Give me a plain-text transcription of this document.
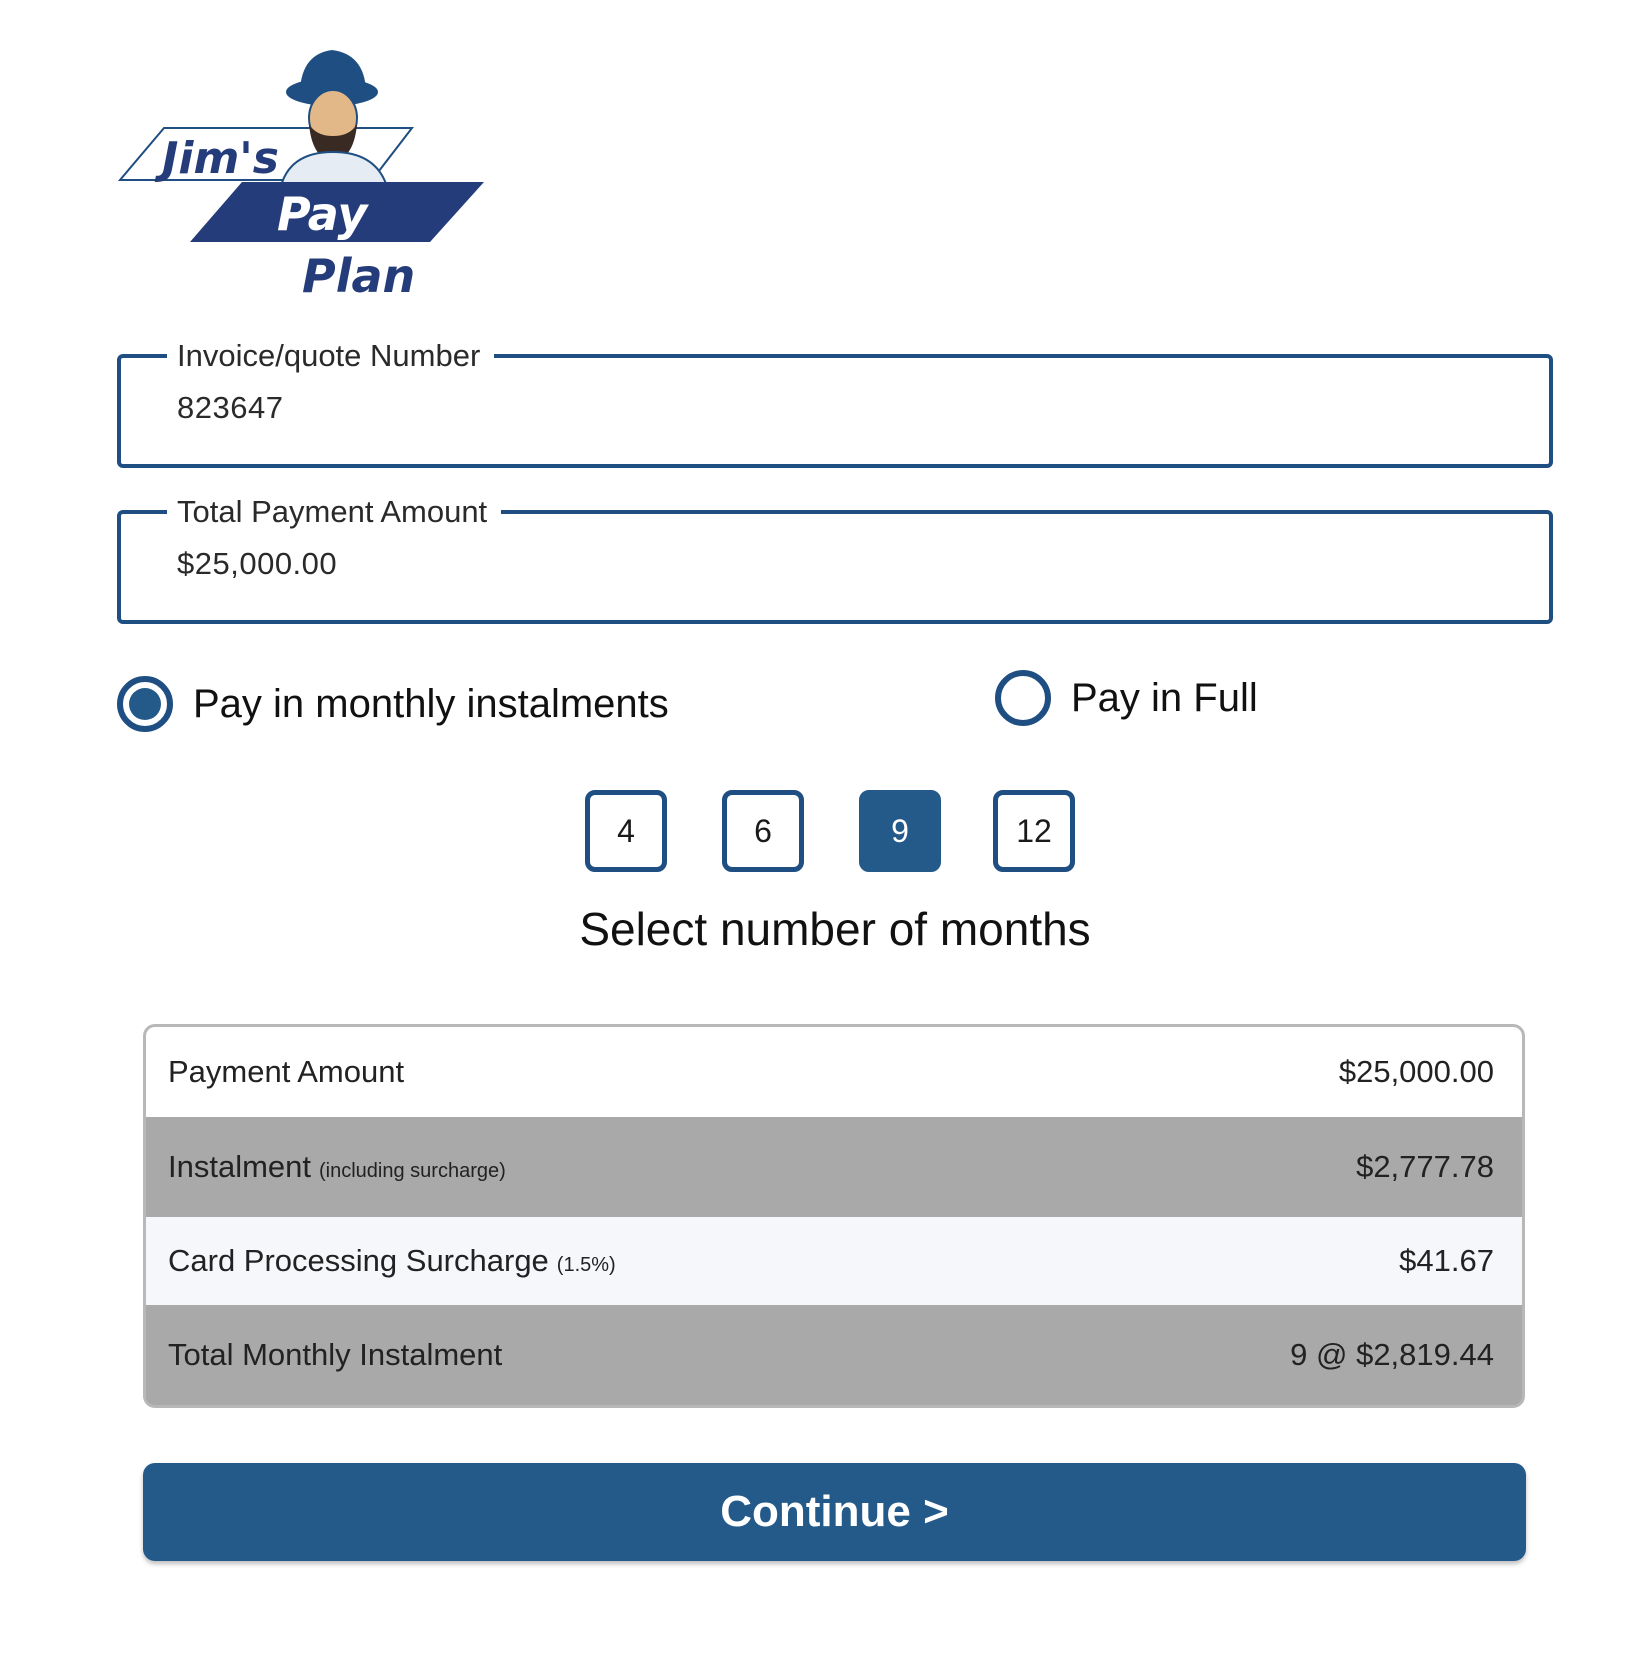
Jim's
Pay
Plan
Invoice/quote Number
823647
Total Payment Amount
$25,000.00
Pay in monthly instalments	Pay in Full
4	6	9	12
Select number of months
Payment Amount	$25,000.00
Instalment (including surcharge)	$2,777.78
Card Processing Surcharge (1.5%)	$41.67
Total Monthly Instalment	9 @ $2,819.44
Continue >
